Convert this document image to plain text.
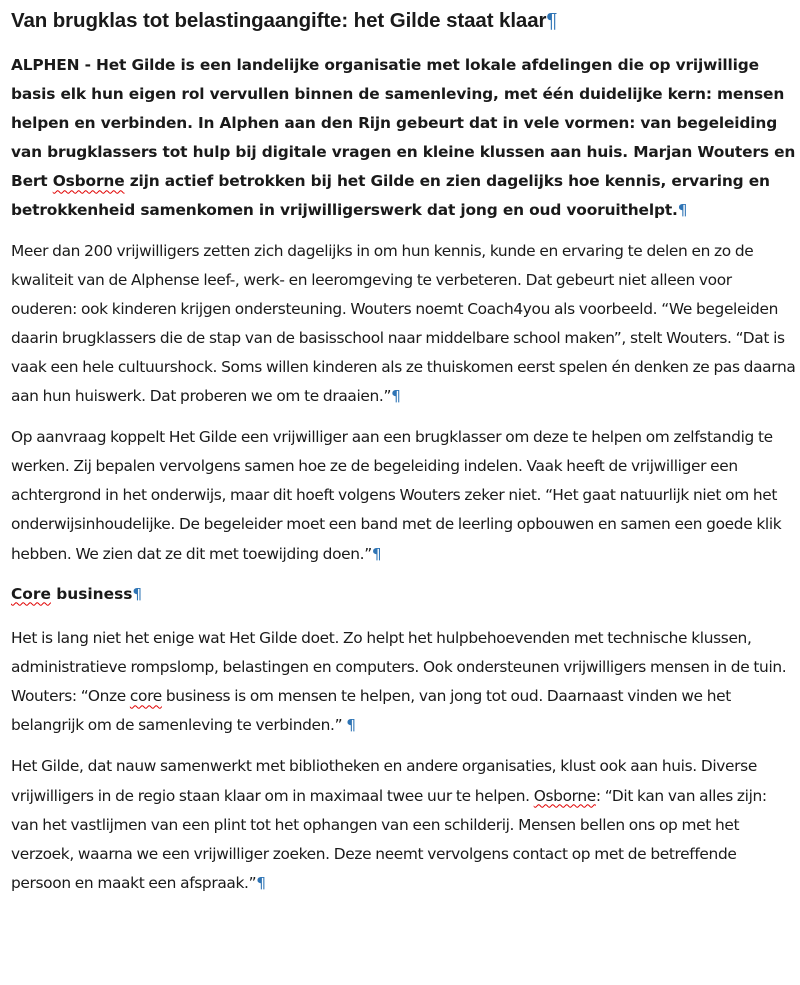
Van brugklas tot belastingaangifte: het Gilde staat klaar¶

ALPHEN - Het Gilde is een landelijke organisatie met lokale afdelingen die op vrijwillige basis elk hun eigen rol vervullen binnen de samenleving, met één duidelijke kern: mensen helpen en verbinden. In Alphen aan den Rijn gebeurt dat in vele vormen: van begeleiding van brugklassers tot hulp bij digitale vragen en kleine klussen aan huis. Marjan Wouters en Bert Osborne zijn actief betrokken bij het Gilde en zien dagelijks hoe kennis, ervaring en betrokkenheid samenkomen in vrijwilligerswerk dat jong en oud vooruithelpt.¶

Meer dan 200 vrijwilligers zetten zich dagelijks in om hun kennis, kunde en ervaring te delen en zo de kwaliteit van de Alphense leef-, werk- en leeromgeving te verbeteren. Dat gebeurt niet alleen voor ouderen: ook kinderen krijgen ondersteuning. Wouters noemt Coach4you als voorbeeld. “We begeleiden daarin brugklassers die de stap van de basisschool naar middelbare school maken”, stelt Wouters. “Dat is vaak een hele cultuurshock. Soms willen kinderen als ze thuiskomen eerst spelen én denken ze pas daarna aan hun huiswerk. Dat proberen we om te draaien.”¶

Op aanvraag koppelt Het Gilde een vrijwilliger aan een brugklasser om deze te helpen om zelfstandig te werken. Zij bepalen vervolgens samen hoe ze de begeleiding indelen. Vaak heeft de vrijwilliger een achtergrond in het onderwijs, maar dit hoeft volgens Wouters zeker niet. “Het gaat natuurlijk niet om het onderwijsinhoudelijke. De begeleider moet een band met de leerling opbouwen en samen een goede klik hebben. We zien dat ze dit met toewijding doen.”¶

Core business¶

Het is lang niet het enige wat Het Gilde doet. Zo helpt het hulpbehoevenden met technische klussen, administratieve rompslomp, belastingen en computers. Ook ondersteunen vrijwilligers mensen in de tuin. Wouters: “Onze core business is om mensen te helpen, van jong tot oud. Daarnaast vinden we het belangrijk om de samenleving te verbinden.” ¶

Het Gilde, dat nauw samenwerkt met bibliotheken en andere organisaties, klust ook aan huis. Diverse vrijwilligers in de regio staan klaar om in maximaal twee uur te helpen. Osborne: “Dit kan van alles zijn: van het vastlijmen van een plint tot het ophangen van een schilderij. Mensen bellen ons op met het verzoek, waarna we een vrijwilliger zoeken. Deze neemt vervolgens contact op met de betreffende persoon en maakt een afspraak.”¶
